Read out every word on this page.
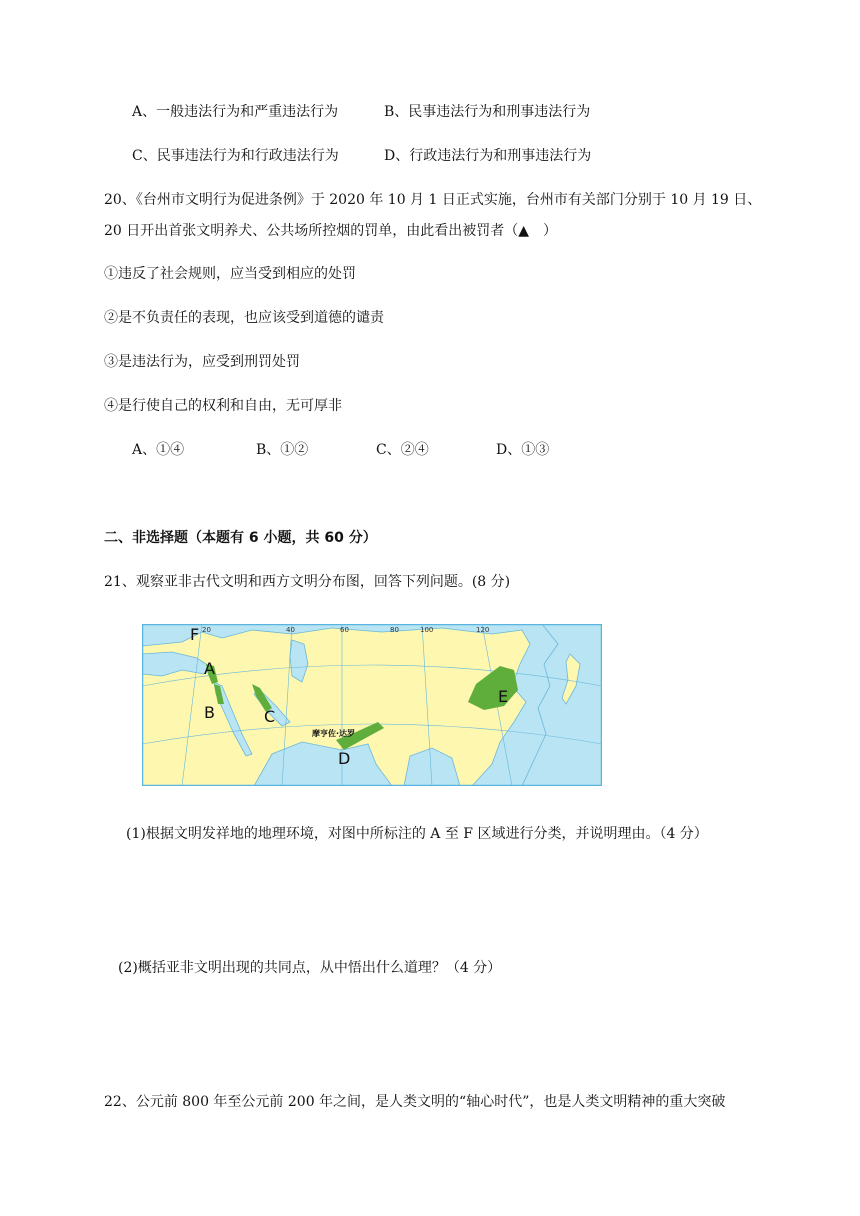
A、一般违法行为和严重违法行为	B、民事违法行为和刑事违法行为
C、民事违法行为和行政违法行为	D、行政违法行为和刑事违法行为
20、《台州市文明行为促进条例》于 2020 年 10 月 1 日正式实施，台州市有关部门分别于 10 月 19 日、
20 日开出首张文明养犬、公共场所控烟的罚单，由此看出被罚者（▲　）
①违反了社会规则，应当受到相应的处罚
②是不负责任的表现，也应该受到道德的谴责
③是违法行为，应受到刑罚处罚
④是行使自己的权利和自由，无可厚非
A、①④	B、①②	C、②④	D、①③
二、非选择题（本题有 6 小题，共 60 分）
21、观察亚非古代文明和西方文明分布图，回答下列问题。(8 分)
20	40	60	80	100	120
F
A
B	C
D
E
摩亨佐·达罗
(1)根据文明发祥地的地理环境，对图中所标注的 A 至 F 区域进行分类，并说明理由。（4 分）
(2)概括亚非文明出现的共同点，从中悟出什么道理？（4 分）
22、公元前 800 年至公元前 200 年之间，是人类文明的“轴心时代”，也是人类文明精神的重大突破
